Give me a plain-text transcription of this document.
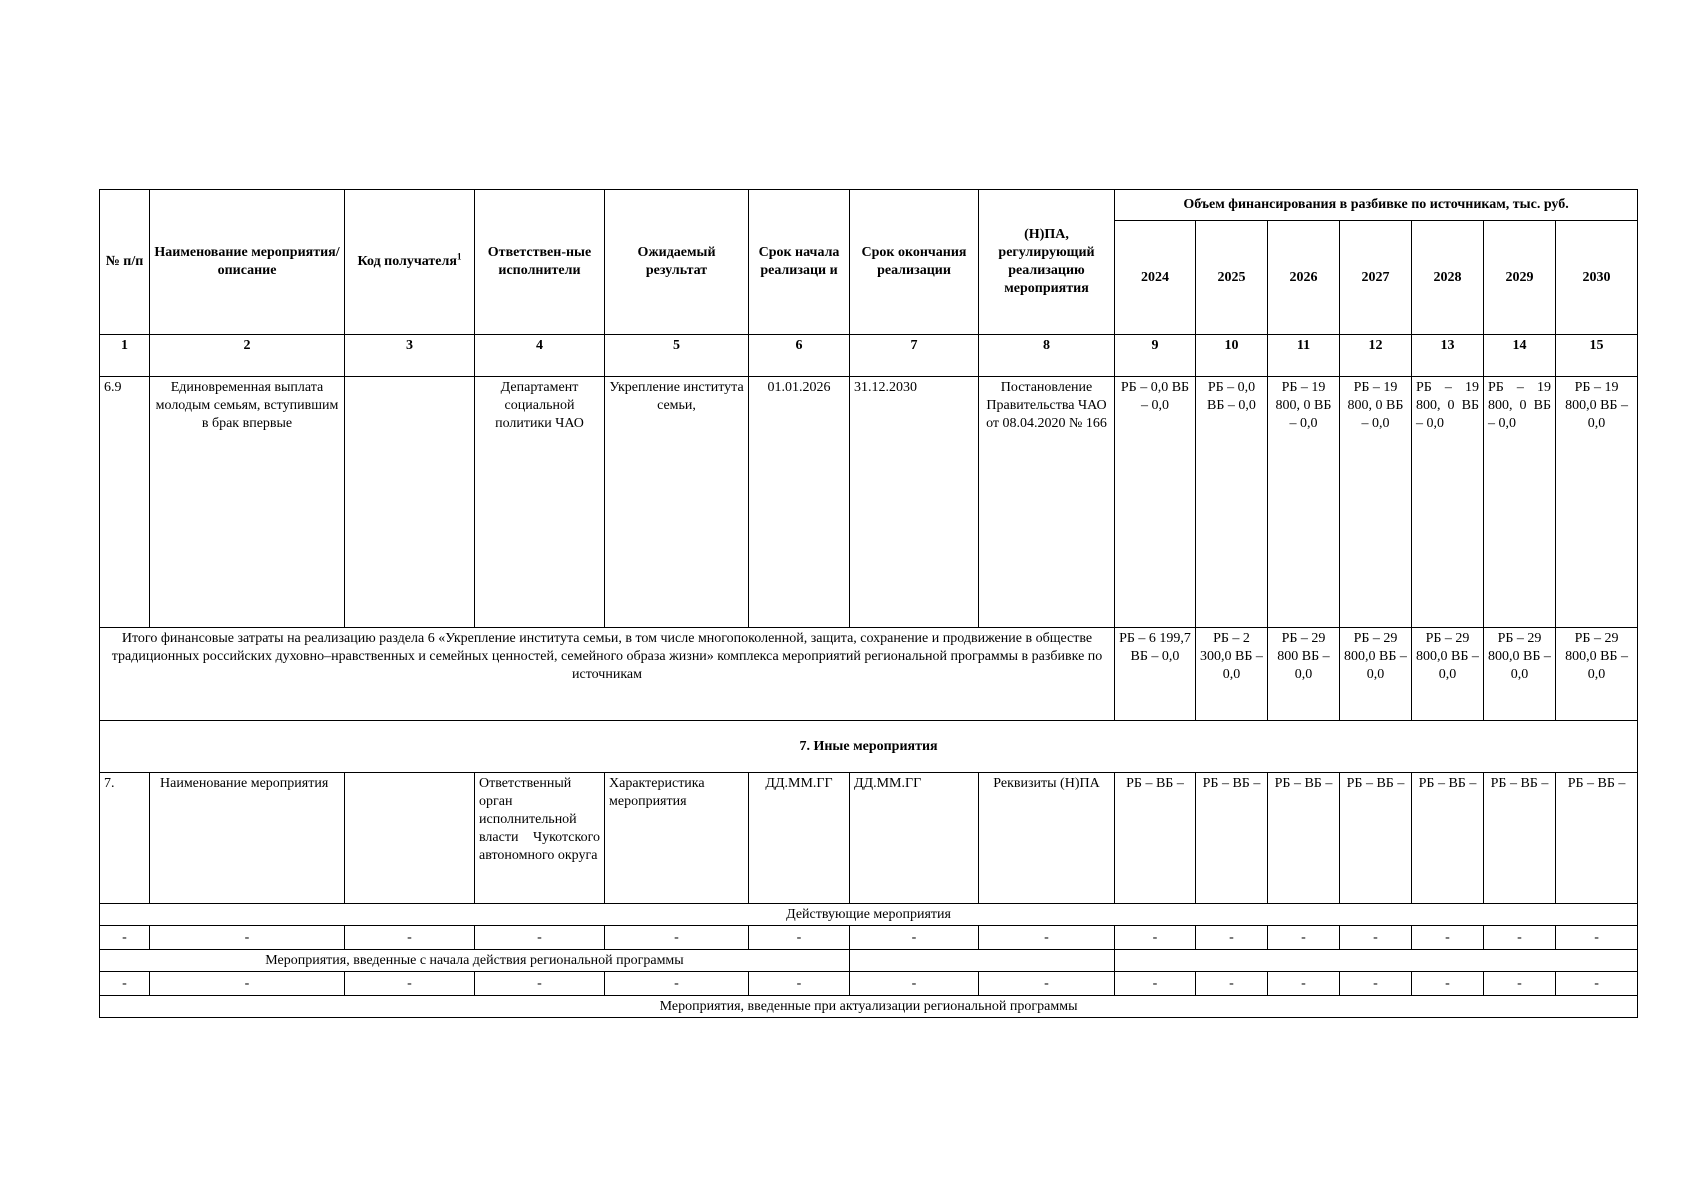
№ п/п	Наименование мероприятия/ описание	Код получателя$^1$	Ответствен-ные исполнители	Ожидаемый результат	Срок начала реализаци и	Срок окончания реализации	(Н)ПА, регулирующий реализацию мероприятия	Объем финансирования в разбивке по источникам, тыс. руб.						
								2024	2025	2026	2027	2028	2029	2030
1	2	3	4	5	6	7	8	9	10	11	12	13	14	15
6.9	Единовременная выплата молодым семьям, вступившим в брак впервые		Департамент социальной политики ЧАО	Укрепление института семьи,	01.01.2026	31.12.2030	Постановление Правительства ЧАО от 08.04.2020 № 166	РБ – 0,0 ВБ – 0,0	РБ – 0,0 ВБ – 0,0	РБ – 19 800, 0 ВБ – 0,0	РБ – 19 800, 0 ВБ – 0,0	РБ – 19 800, 0 ВБ – 0,0	РБ – 19 800, 0 ВБ – 0,0	РБ – 19 800,0 ВБ – 0,0
Итого финансовые затраты на реализацию раздела 6 «Укрепление института семьи, в том числе многопоколенной, защита, сохранение и продвижение в обществе традиционных российских духовно–нравственных и семейных ценностей, семейного образа жизни» комплекса мероприятий региональной программы в разбивке по источникам								РБ – 6 199,7 ВБ – 0,0	РБ – 2 300,0 ВБ – 0,0	РБ – 29 800 ВБ – 0,0	РБ – 29 800,0 ВБ – 0,0	РБ – 29 800,0 ВБ – 0,0	РБ – 29 800,0 ВБ – 0,0	РБ – 29 800,0 ВБ – 0,0
7. Иные мероприятия														
7.	Наименование мероприятия		Ответственный орган исполнительной власти Чукотского автономного округа	Характеристика мероприятия	ДД.ММ.ГГ	ДД.ММ.ГГ	Реквизиты (Н)ПА	РБ – ВБ –	РБ – ВБ –	РБ – ВБ –	РБ – ВБ –	РБ – ВБ –	РБ – ВБ –	РБ – ВБ –
Действующие мероприятия														
-	-	-	-	-	-	-	-	-	-	-	-	-	-	-
Мероприятия, введенные с начала действия региональной программы														
-	-	-	-	-	-	-	-	-	-	-	-	-	-	-
Мероприятия, введенные при актуализации региональной программы														
